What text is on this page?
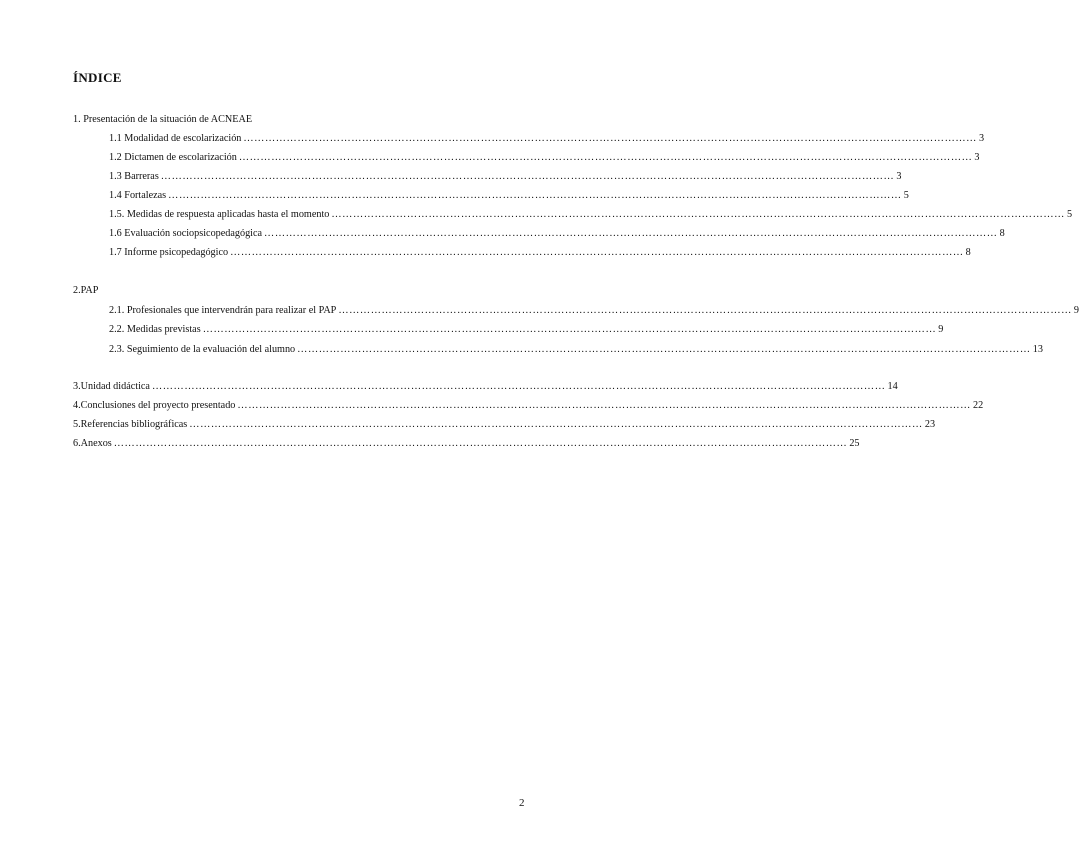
ÍNDICE
1. Presentación de la situación de ACNEAE
1.1 Modalidad de escolarización …………………………………………………………………………………………………………………………………………………………………………………… 3
1.2 Dictamen de escolarización …………………………………………………………………………………………………………………………………………………………………………………… 3
1.3 Barreras …………………………………………………………………………………………………………………………………………………………………………………… 3
1.4 Fortalezas …………………………………………………………………………………………………………………………………………………………………………………… 5
1.5. Medidas de respuesta aplicadas hasta el momento …………………………………………………………………………………………………………………………………………………………………………………… 5
1.6 Evaluación sociopsicopedagógica …………………………………………………………………………………………………………………………………………………………………………………… 8
1.7 Informe psicopedagógico …………………………………………………………………………………………………………………………………………………………………………………… 8
2.PAP
2.1. Profesionales que intervendrán para realizar el PAP …………………………………………………………………………………………………………………………………………………………………………………… 9
2.2. Medidas previstas …………………………………………………………………………………………………………………………………………………………………………………… 9
2.3. Seguimiento de la evaluación del alumno …………………………………………………………………………………………………………………………………………………………………………………… 13
3.Unidad didáctica …………………………………………………………………………………………………………………………………………………………………………………… 14
4.Conclusiones del proyecto presentado …………………………………………………………………………………………………………………………………………………………………………………… 22
5.Referencias bibliográficas …………………………………………………………………………………………………………………………………………………………………………………… 23
6.Anexos …………………………………………………………………………………………………………………………………………………………………………………… 25
2
